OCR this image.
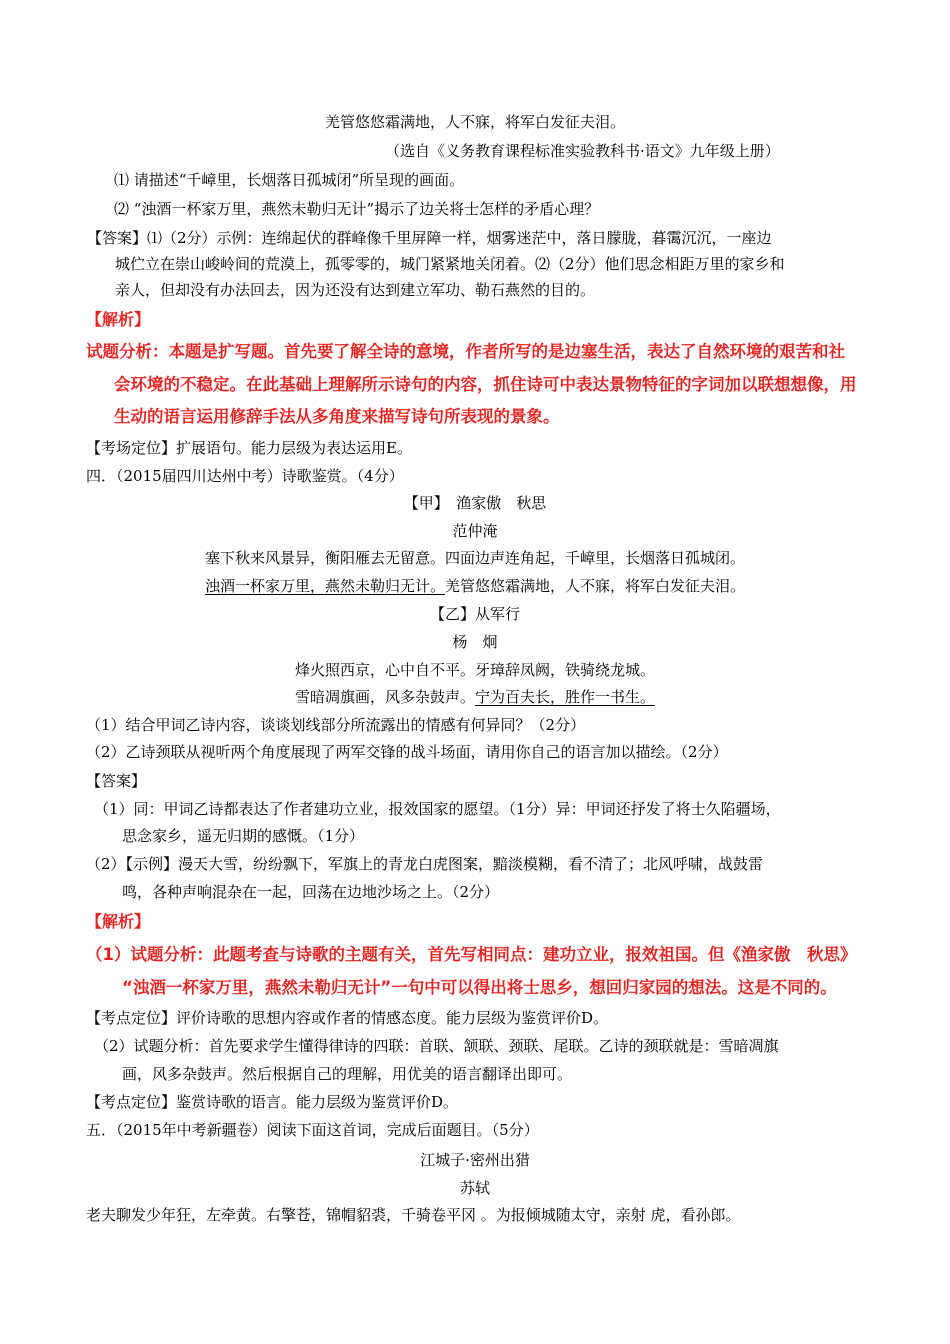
羌管悠悠霜满地，人不寐，将军白发征夫泪。
（选自《义务教育课程标准实验教科书·语文》九年级上册）
⑴ 请描述“千嶂里，长烟落日孤城闭”所呈现的画面。
⑵ “浊酒一杯家万里，燕然未勒归无计”揭示了边关将士怎样的矛盾心理？
【答案】⑴（2分）示例：连绵起伏的群峰像千里屏障一样，烟雾迷茫中，落日朦胧，暮霭沉沉，一座边
城伫立在崇山峻岭间的荒漠上，孤零零的，城门紧紧地关闭着。⑵（2分）他们思念相距万里的家乡和
亲人，但却没有办法回去，因为还没有达到建立军功、勒石燕然的目的。
【解析】
试题分析：本题是扩写题。首先要了解全诗的意境，作者所写的是边塞生活，表达了自然环境的艰苦和社
会环境的不稳定。在此基础上理解所示诗句的内容，抓住诗可中表达景物特征的字词加以联想想像，用
生动的语言运用修辞手法从多角度来描写诗句所表现的景象。
【考场定位】扩展语句。能力层级为表达运用E。
四．（2015届四川达州中考）诗歌鉴赏。（4分）
【甲】　渔家傲　秋思
范仲淹
塞下秋来风景异，衡阳雁去无留意。四面边声连角起，千嶂里，长烟落日孤城闭。
浊酒一杯家万里，燕然未勒归无计。羌管悠悠霜满地，人不寐，将军白发征夫泪。
【乙】从军行
杨　炯
烽火照西京，心中自不平。牙璋辞凤阙，铁骑绕龙城。
雪暗凋旗画，风多杂鼓声。宁为百夫长，胜作一书生。
（1）结合甲词乙诗内容，谈谈划线部分所流露出的情感有何异同？（2分）
（2）乙诗颈联从视听两个角度展现了两军交锋的战斗场面，请用你自己的语言加以描绘。（2分）
【答案】
（1）同：甲词乙诗都表达了作者建功立业，报效国家的愿望。（1分）异：甲词还抒发了将士久陷疆场，
思念家乡，遥无归期的感慨。（1分）
（2）【示例】漫天大雪，纷纷飘下，军旗上的青龙白虎图案，黯淡模糊，看不清了；北风呼啸，战鼓雷
鸣，各种声响混杂在一起，回荡在边地沙场之上。（2分）
【解析】
（1）试题分析：此题考查与诗歌的主题有关，首先写相同点：建功立业，报效祖国。但《渔家傲　秋思》
“浊酒一杯家万里，燕然未勒归无计”一句中可以得出将士思乡，想回归家园的想法。这是不同的。
【考点定位】评价诗歌的思想内容或作者的情感态度。能力层级为鉴赏评价D。
（2）试题分析：首先要求学生懂得律诗的四联：首联、颔联、颈联、尾联。乙诗的颈联就是：雪暗凋旗
画，风多杂鼓声。然后根据自己的理解，用优美的语言翻译出即可。
【考点定位】鉴赏诗歌的语言。能力层级为鉴赏评价D。
五．（2015年中考新疆卷）阅读下面这首词，完成后面题目。（5分）
江城子·密州出猎
苏轼
老夫聊发少年狂，左牵黄。右擎苍，锦帽貂裘，千骑卷平冈 。为报倾城随太守，亲射 虎，看孙郎。
